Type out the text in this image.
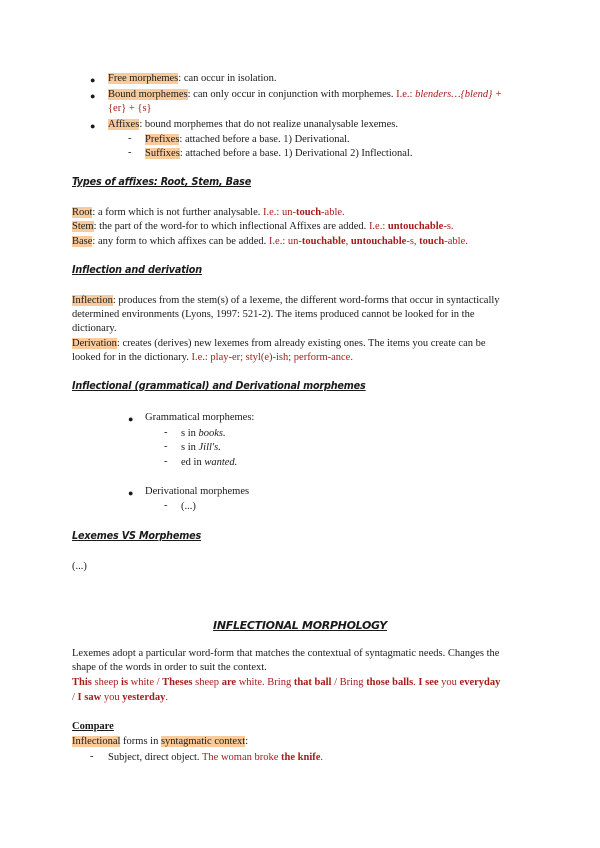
● Free morphemes: can occur in isolation.
● Bound morphemes: can only occur in conjunction with morphemes. I.e.: blenders…{blend} +
{er} + {s}
● Affixes: bound morphemes that do not realize unanalysable lexemes.
- Prefixes: attached before a base. 1) Derivational.
- Suffixes: attached before a base. 1) Derivational 2) Inflectional.
Types of affixes: Root, Stem, Base
Root: a form which is not further analysable. I.e.: un-touch-able.
Stem: the part of the word-for to which inflectional Affixes are added. I.e.: untouchable-s.
Base: any form to which affixes can be added. I.e.: un-touchable, untouchable-s, touch-able.
Inflection and derivation
Inflection: produces from the stem(s) of a lexeme, the different word-forms that occur in syntactically
determined environments (Lyons, 1997: 521-2). The items produced cannot be looked for in the
dictionary.
Derivation: creates (derives) new lexemes from already existing ones. The items you create can be
looked for in the dictionary. I.e.: play-er; styl(e)-ish; perform-ance.
Inflectional (grammatical) and Derivational morphemes
● Grammatical morphemes:
- s in books.
- s in Jill's.
- ed in wanted.
● Derivational morphemes
- (...)
Lexemes VS Morphemes
(...)
INFLECTIONAL MORPHOLOGY
Lexemes adopt a particular word-form that matches the contextual of syntagmatic needs. Changes the
shape of the words in order to suit the context.
This sheep is white / Theses sheep are white. Bring that ball / Bring those balls. I see you everyday
/ I saw you yesterday.
Compare
Inflectional forms in syntagmatic context:
- Subject, direct object. The woman broke the knife.
